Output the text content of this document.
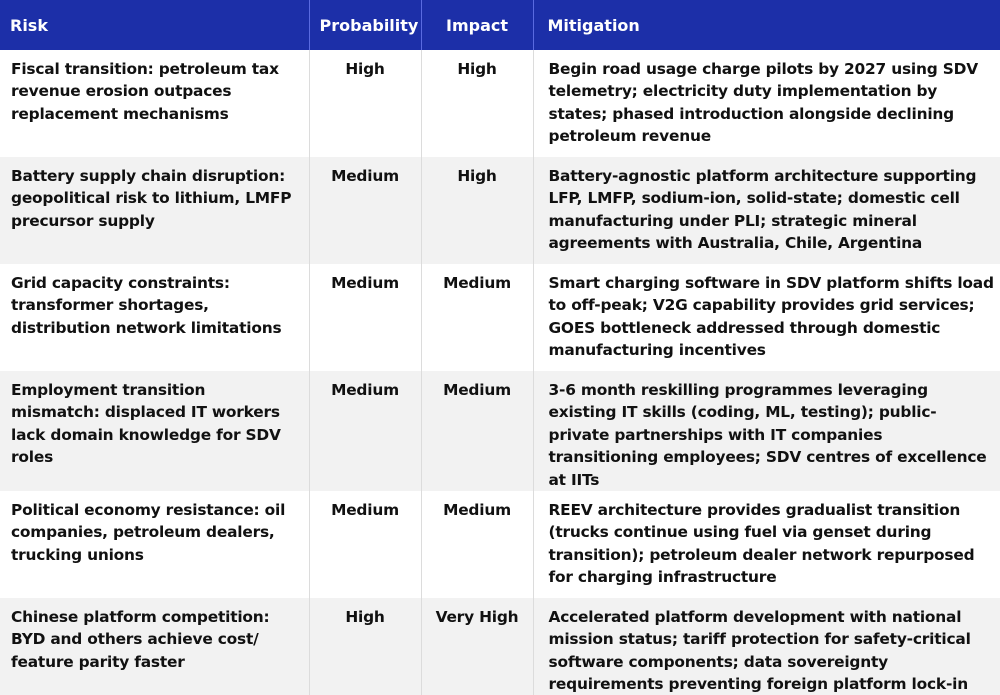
Risk	Probability	Impact	Mitigation
Fiscal transition: petroleum tax revenue erosion outpaces replacement mechanisms	High	High	Begin road usage charge pilots by 2027 using SDV telemetry; electricity duty implementation by states; phased introduction alongside declining petroleum revenue
Battery supply chain disruption: geopolitical risk to lithium, LMFP precursor supply	Medium	High	Battery-agnostic platform architecture supporting LFP, LMFP, sodium-ion, solid-state; domestic cell manufacturing under PLI; strategic mineral agreements with Australia, Chile, Argentina
Grid capacity constraints: transformer shortages, distribution network limitations	Medium	Medium	Smart charging software in SDV platform shifts load to off-peak; V2G capability provides grid services; GOES bottleneck addressed through domestic manufacturing incentives
Employment transition mismatch: displaced IT workers lack domain knowledge for SDV roles	Medium	Medium	3-6 month reskilling programmes leveraging existing IT skills (coding, ML, testing); public-private partnerships with IT companies transitioning employees; SDV centres of excellence at IITs
Political economy resistance: oil companies, petroleum dealers, trucking unions	Medium	Medium	REEV architecture provides gradualist transition (trucks continue using fuel via genset during transition); petroleum dealer network repurposed for charging infrastructure
Chinese platform competition: BYD and others achieve cost/ feature parity faster	High	Very High	Accelerated platform development with national mission status; tariff protection for safety-critical software components; data sovereignty requirements preventing foreign platform lock-in
